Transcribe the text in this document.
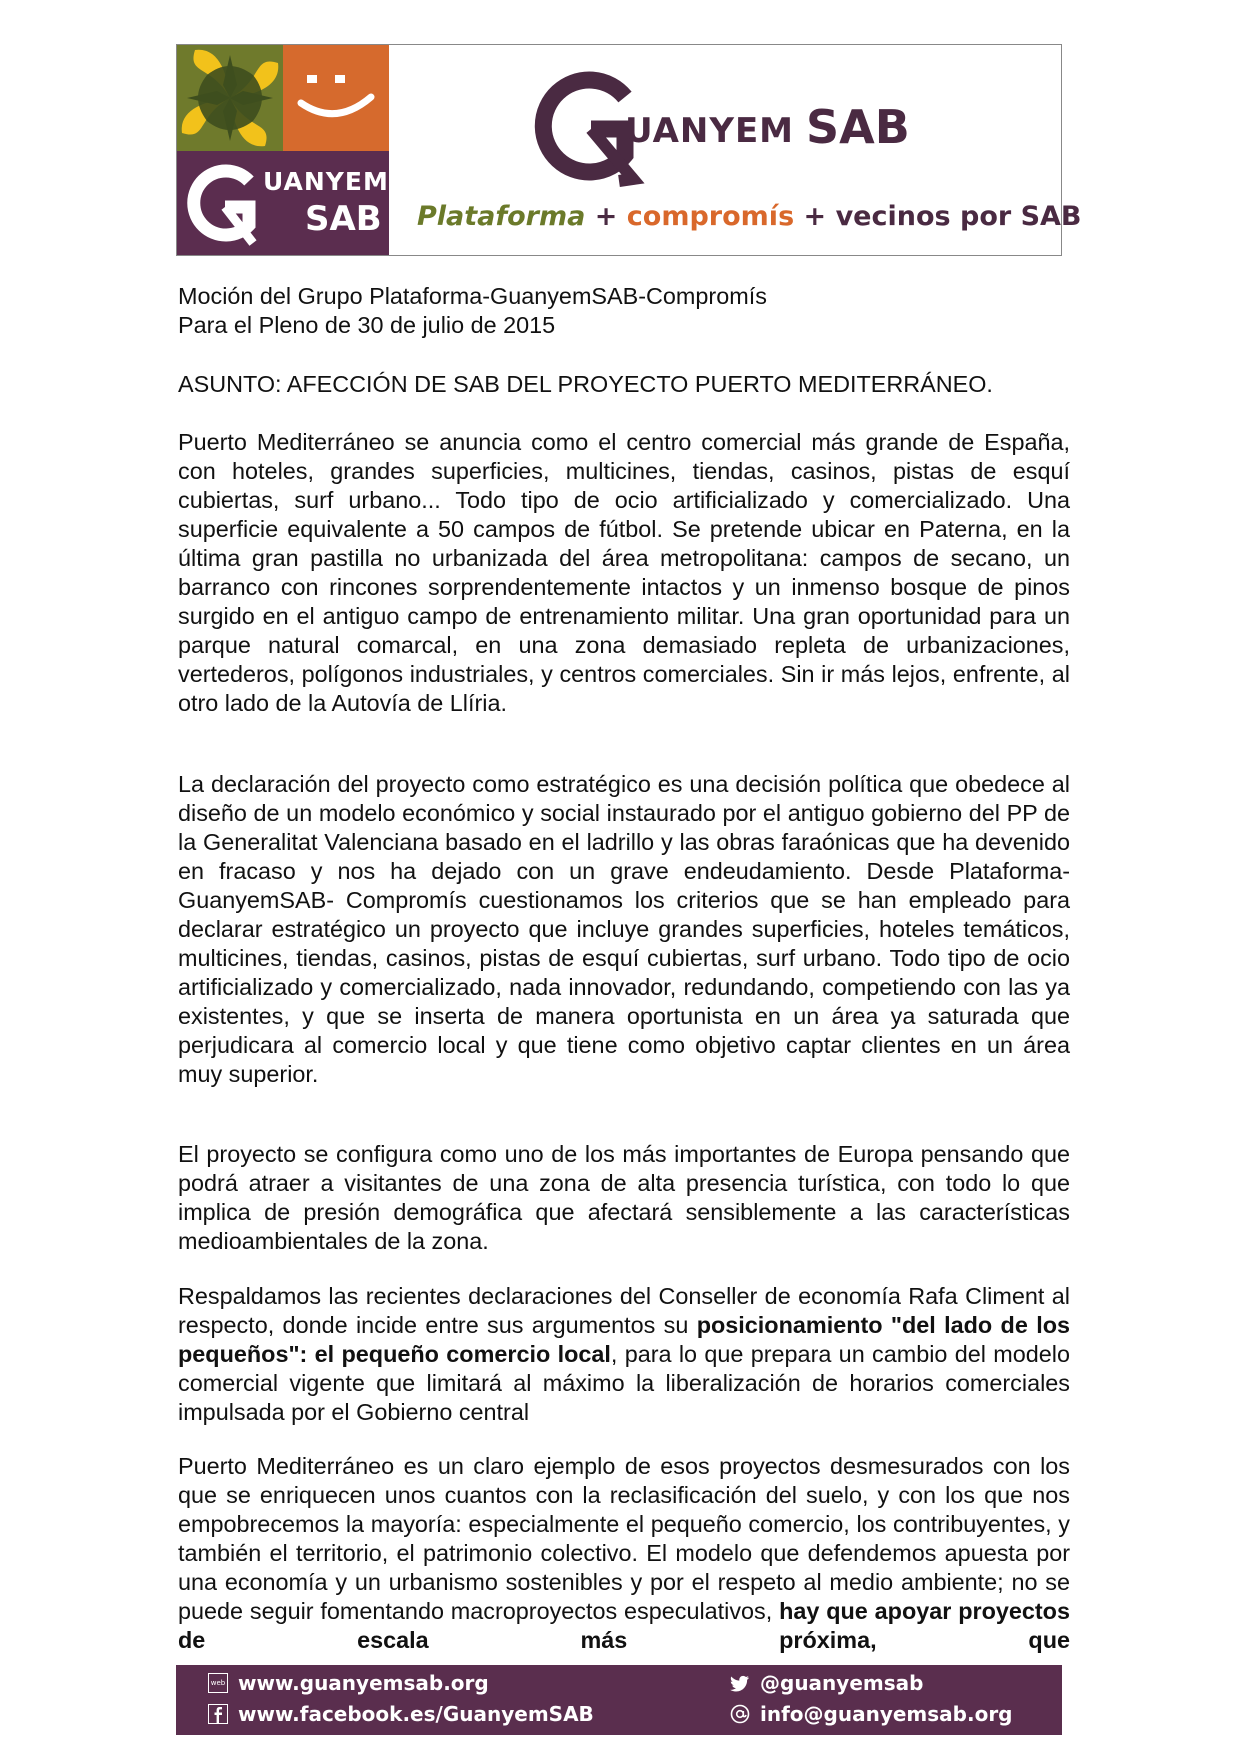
UANYEM
SAB
UANYEM SAB
Plataforma + compromís + vecinos por SAB

Moción del Grupo Plataforma-GuanyemSAB-Compromís

Para el Pleno de 30 de julio de 2015

ASUNTO: AFECCIÓN DE SAB DEL PROYECTO PUERTO MEDITERRÁNEO.

Puerto Mediterráneo se anuncia como el centro comercial más grande de España, con hoteles, grandes superficies, multicines, tiendas, casinos, pistas de esquí cubiertas, surf urbano... Todo tipo de ocio artificializado y comercializado. Una superficie equivalente a 50 campos de fútbol. Se pretende ubicar en Paterna, en la última gran pastilla no urbanizada del área metropolitana: campos de secano, un barranco con rincones sorprendentemente intactos y un inmenso bosque de pinos surgido en el antiguo campo de entrenamiento militar. Una gran oportunidad para un parque natural comarcal, en una zona demasiado repleta de urbanizaciones, vertederos, polígonos industriales, y centros comerciales. Sin ir más lejos, enfrente, al otro lado de la Autovía de Llíria.

La declaración del proyecto como estratégico es una decisión política que obedece al diseño de un modelo económico y social instaurado por el antiguo gobierno del PP de la Generalitat Valenciana basado en el ladrillo y las obras faraónicas que ha devenido en fracaso y nos ha dejado con un grave endeudamiento. Desde Plataforma- GuanyemSAB- Compromís cuestionamos los criterios que se han empleado para declarar estratégico un proyecto que incluye grandes superficies, hoteles temáticos, multicines, tiendas, casinos, pistas de esquí cubiertas, surf urbano. Todo tipo de ocio artificializado y comercializado, nada innovador, redundando, competiendo con las ya existentes, y que se inserta de manera oportunista en un área ya saturada que perjudicara al comercio local y que tiene como objetivo captar clientes en un área muy superior.

El proyecto se configura como uno de los más importantes de Europa pensando que podrá atraer a visitantes de una zona de alta presencia turística, con todo lo que implica de presión demográfica que afectará sensiblemente a las características medioambientales de la zona.

Respaldamos las recientes declaraciones del Conseller de economía Rafa Climent al respecto, donde incide entre sus argumentos su posicionamiento "del lado de los pequeños": el pequeño comercio local, para lo que prepara un cambio del modelo comercial vigente que limitará al máximo la liberalización de horarios comerciales impulsada por el Gobierno central

Puerto Mediterráneo es un claro ejemplo de esos proyectos desmesurados con los que se enriquecen unos cuantos con la reclasificación del suelo, y con los que nos empobrecemos la mayoría: especialmente el pequeño comercio, los contribuyentes, y también el territorio, el patrimonio colectivo. El modelo que defendemos apuesta por una economía y un urbanismo sostenibles y por el respeto al medio ambiente; no se puede seguir fomentando macroproyectos especulativos, hay que apoyar proyectos de escala más próxima, que

web www.guanyemsab.org
www.facebook.es/GuanyemSAB
@guanyemsab
info@guanyemsab.org
